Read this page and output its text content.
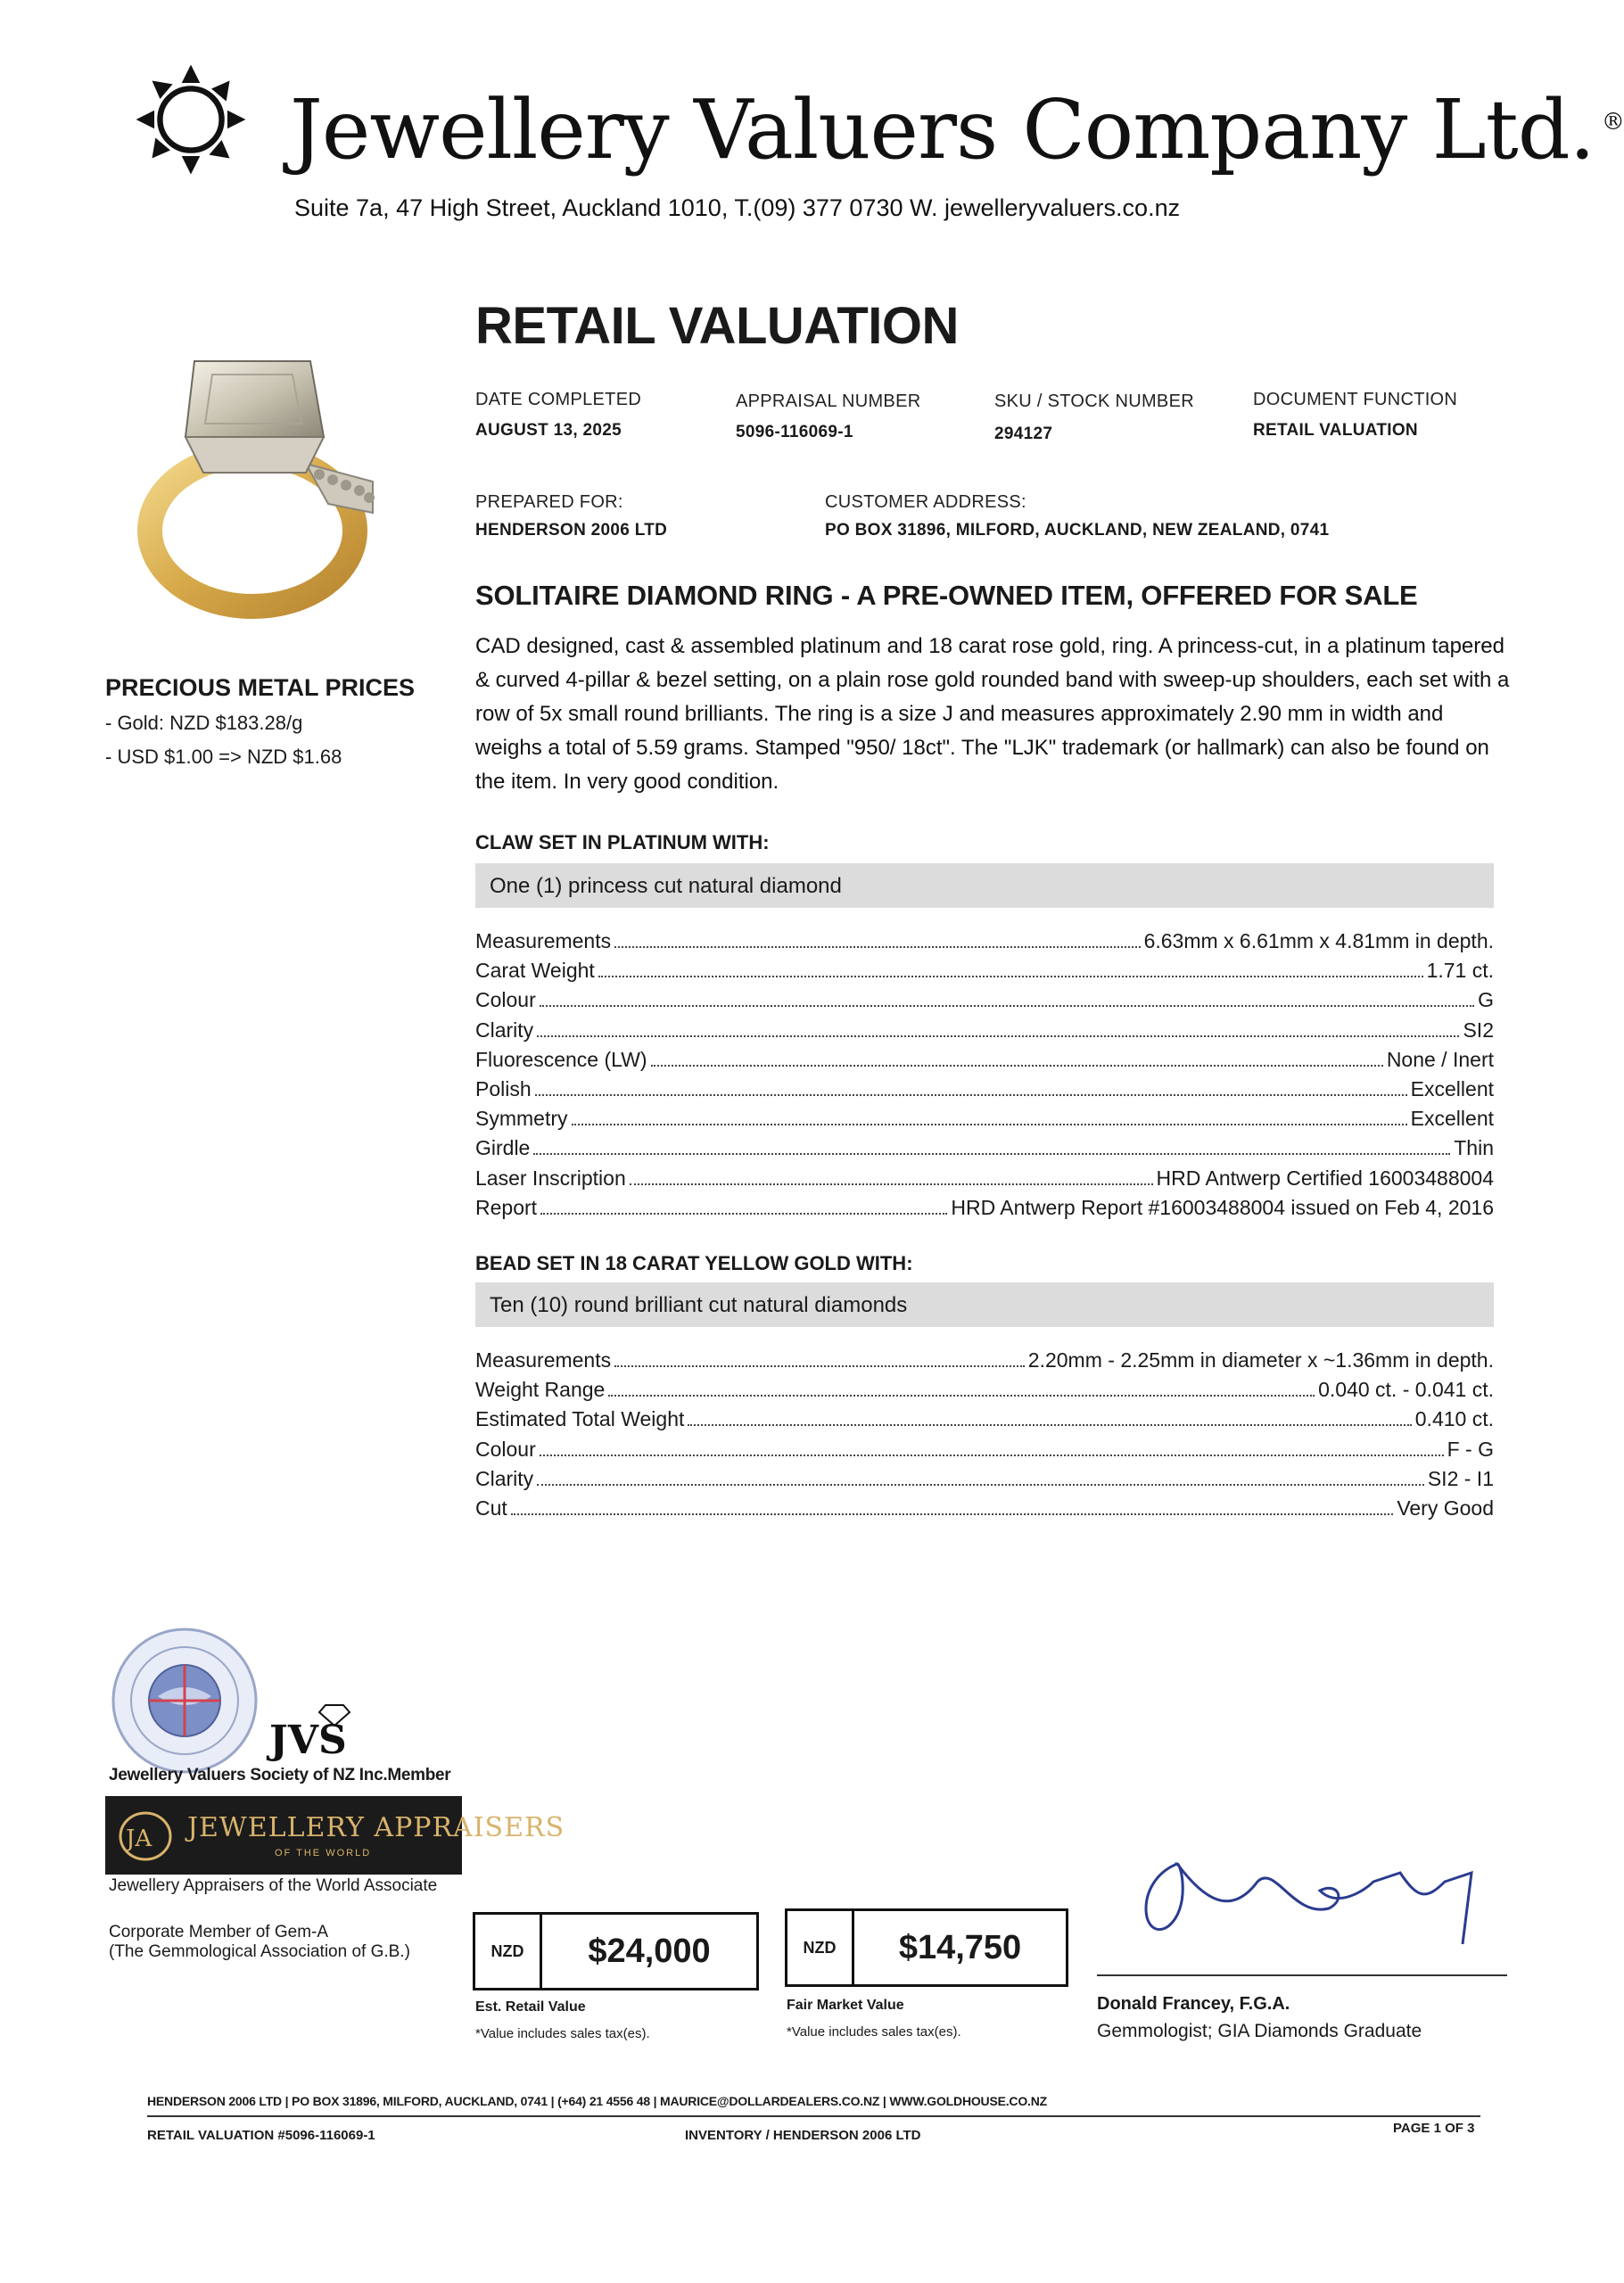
Jewellery Valuers Company Ltd. ®
Suite 7a, 47 High Street, Auckland 1010, T.(09) 377 0730 W. jewelleryvaluers.co.nz
RETAIL VALUATION
DATE COMPLETED
AUGUST 13, 2025
APPRAISAL NUMBER
5096-116069-1
SKU / STOCK NUMBER
294127
DOCUMENT FUNCTION
RETAIL VALUATION
PREPARED FOR:
HENDERSON 2006 LTD
CUSTOMER ADDRESS:
PO BOX 31896, MILFORD, AUCKLAND, NEW ZEALAND, 0741
PRECIOUS METAL PRICES
- Gold: NZD $183.28/g
- USD $1.00 => NZD $1.68
SOLITAIRE DIAMOND RING - A PRE-OWNED ITEM, OFFERED FOR SALE
CAD designed, cast & assembled platinum and 18 carat rose gold, ring. A princess-cut, in a platinum tapered & curved 4-pillar & bezel setting, on a plain rose gold rounded band with sweep-up shoulders, each set with a row of 5x small round brilliants. The ring is a size J and measures approximately 2.90 mm in width and weighs a total of 5.59 grams. Stamped "950/ 18ct". The "LJK" trademark (or hallmark) can also be found on the item. In very good condition.
CLAW SET IN PLATINUM WITH:
One (1) princess cut natural diamond
Measurements	6.63mm x 6.61mm x 4.81mm in depth.
Carat Weight	1.71 ct.
Colour	G
Clarity	SI2
Fluorescence (LW)	None / Inert
Polish	Excellent
Symmetry	Excellent
Girdle	Thin
Laser Inscription	HRD Antwerp Certified 16003488004
Report	HRD Antwerp Report #16003488004 issued on Feb 4, 2016
BEAD SET IN 18 CARAT YELLOW GOLD WITH:
Ten (10) round brilliant cut natural diamonds
Measurements	2.20mm - 2.25mm in diameter x ~1.36mm in depth.
Weight Range	0.040 ct. - 0.041 ct.
Estimated Total Weight	0.410 ct.
Colour	F - G
Clarity	SI2 - I1
Cut	Very Good
JVS
Jewellery Valuers Society of NZ Inc.Member
JA JEWELLERY APPRAISERS
OF THE WORLD
Jewellery Appraisers of the World Associate
Corporate Member of Gem-A
(The Gemmological Association of G.B.)	NZD	$24,000
Est. Retail Value
*Value includes sales tax(es).
NZD	$14,750
Fair Market Value
*Value includes sales tax(es).
Donald Francey, F.G.A.
Gemmologist; GIA Diamonds Graduate
HENDERSON 2006 LTD | PO BOX 31896, MILFORD, AUCKLAND, 0741 | (+64) 21 4556 48 | MAURICE@DOLLARDEALERS.CO.NZ | WWW.GOLDHOUSE.CO.NZ
RETAIL VALUATION #5096-116069-1	INVENTORY / HENDERSON 2006 LTD	PAGE 1 OF 3
